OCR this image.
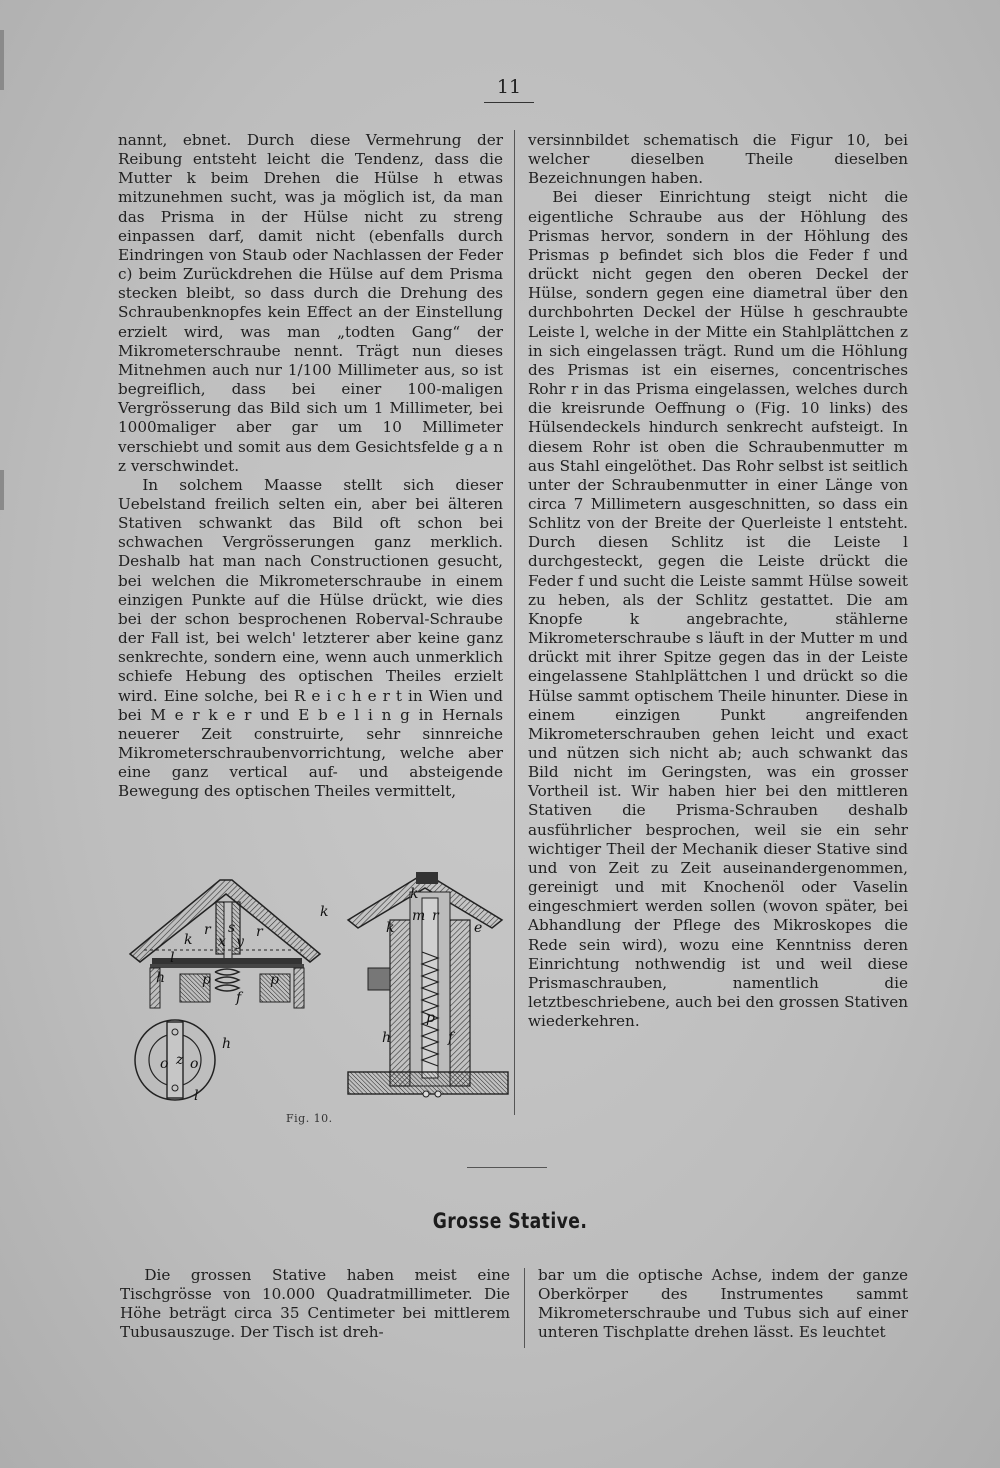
11

nannt, ebnet. Durch diese Vermehrung der Reibung entsteht leicht die Tendenz, dass die Mutter k beim Drehen die Hülse h etwas mitzunehmen sucht, was ja möglich ist, da man das Prisma in der Hülse nicht zu streng einpassen darf, damit nicht (ebenfalls durch Eindringen von Staub oder Nachlassen der Feder c) beim Zurückdrehen die Hülse auf dem Prisma stecken bleibt, so dass durch die Drehung des Schraubenknopfes kein Effect an der Einstellung erzielt wird, was man „todten Gang“ der Mikrometerschraube nennt. Trägt nun dieses Mitnehmen auch nur 1/100 Millimeter aus, so ist begreiflich, dass bei einer 100-maligen Vergrösserung das Bild sich um 1 Millimeter, bei 1000maliger aber gar um 10 Millimeter verschiebt und somit aus dem Gesichtsfelde g a n z verschwindet.

In solchem Maasse stellt sich dieser Uebelstand freilich selten ein, aber bei älteren Stativen schwankt das Bild oft schon bei schwachen Vergrösserungen ganz merklich. Deshalb hat man nach Constructionen gesucht, bei welchen die Mikrometerschraube in einem einzigen Punkte auf die Hülse drückt, wie dies bei der schon besprochenen Roberval-Schraube der Fall ist, bei welch' letzterer aber keine ganz senkrechte, sondern eine, wenn auch unmerklich schiefe Hebung des optischen Theiles erzielt wird. Eine solche, bei R e i c h e r t in Wien und bei M e r k e r und E b e l i n g in Hernals neuerer Zeit construirte, sehr sinnreiche Mikrometerschraubenvorrichtung, welche aber eine ganz vertical auf- und absteigende Bewegung des optischen Theiles vermittelt,

versinnbildet schematisch die Figur 10, bei welcher dieselben Theile dieselben Bezeichnungen haben.

Bei dieser Einrichtung steigt nicht die eigentliche Schraube aus der Höhlung des Prismas hervor, sondern in der Höhlung des Prismas p befindet sich blos die Feder f und drückt nicht gegen den oberen Deckel der Hülse, sondern gegen eine diametral über den durchbohrten Deckel der Hülse h geschraubte Leiste l, welche in der Mitte ein Stahlplättchen z in sich eingelassen trägt. Rund um die Höhlung des Prismas ist ein eisernes, concentrisches Rohr r in das Prisma eingelassen, welches durch die kreisrunde Oeffnung o (Fig. 10 links) des Hülsendeckels hindurch senkrecht aufsteigt. In diesem Rohr ist oben die Schraubenmutter m aus Stahl eingelöthet. Das Rohr selbst ist seitlich unter der Schraubenmutter in einer Länge von circa 7 Millimetern ausgeschnitten, so dass ein Schlitz von der Breite der Querleiste l entsteht. Durch diesen Schlitz ist die Leiste l durchgesteckt, gegen die Leiste drückt die Feder f und sucht die Leiste sammt Hülse soweit zu heben, als der Schlitz gestattet. Die am Knopfe k angebrachte, stählerne Mikrometerschraube s läuft in der Mutter m und drückt mit ihrer Spitze gegen das in der Leiste eingelassene Stahlplättchen l und drückt so die Hülse sammt optischem Theile hinunter. Diese in einem einzigen Punkt angreifenden Mikrometerschrauben gehen leicht und exact und nützen sich nicht ab; auch schwankt das Bild nicht im Geringsten, was ein grosser Vortheil ist. Wir haben hier bei den mittleren Stativen die Prisma-Schrauben deshalb ausführlicher besprochen, weil sie ein sehr wichtiger Theil der Mechanik dieser Stative sind und von Zeit zu Zeit auseinandergenommen, gereinigt und mit Knochenöl oder Vaselin eingeschmiert werden sollen (wovon später, bei Abhandlung der Pflege des Mikroskopes die Rede sein wird), wozu eine Kenntniss deren Einrichtung nothwendig ist und weil diese Prismaschrauben, namentlich die letztbeschriebene, auch bei den grossen Stativen wiederkehren.

k
k
r s
x y
r
l
h	p
f
p
h
o o
z
l
k
m r
k	e
p
h	f
Fig. 10.
Grosse Stative.

Die grossen Stative haben meist eine Tischgrösse von 10.000 Quadratmillimeter. Die Höhe beträgt circa 35 Centimeter bei mittlerem Tubusauszuge. Der Tisch ist dreh-

bar um die optische Achse, indem der ganze Oberkörper des Instrumentes sammt Mikrometerschraube und Tubus sich auf einer unteren Tischplatte drehen lässt. Es leuchtet
